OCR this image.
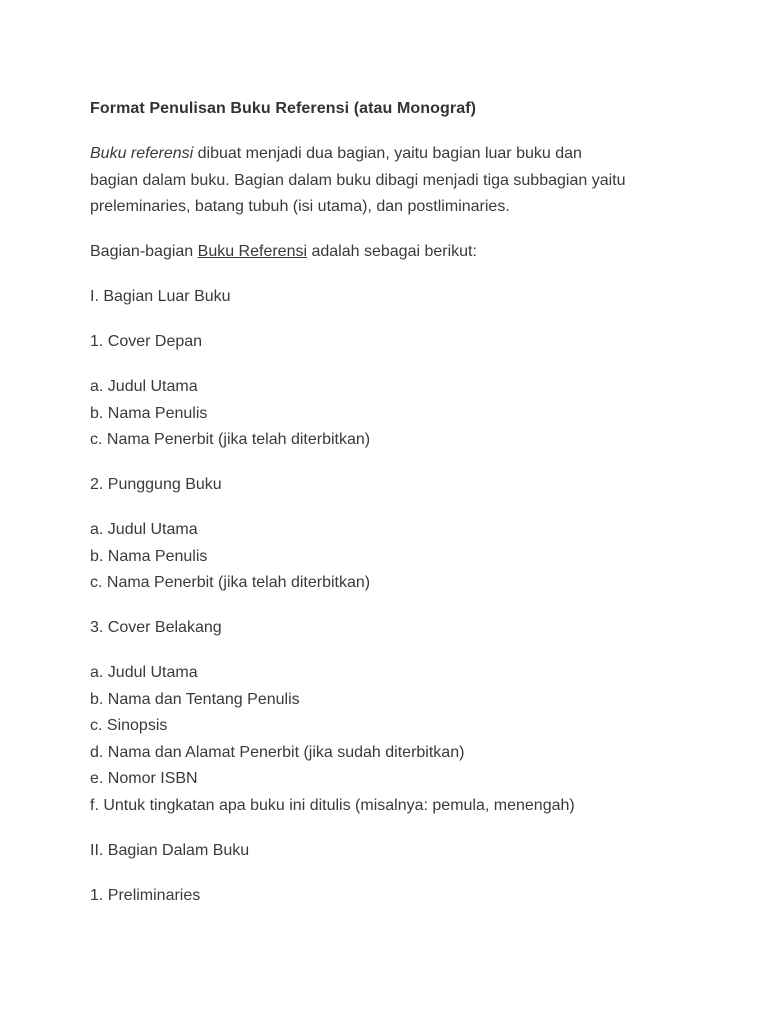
Format Penulisan Buku Referensi (atau Monograf)

Buku referensi dibuat menjadi dua bagian, yaitu bagian luar buku dan

bagian dalam buku. Bagian dalam buku dibagi menjadi tiga subbagian yaitu

preleminaries, batang tubuh (isi utama), dan postliminaries.

Bagian-bagian Buku Referensi adalah sebagai berikut:

I. Bagian Luar Buku

1. Cover Depan

a. Judul Utama

b. Nama Penulis

c. Nama Penerbit (jika telah diterbitkan)

2. Punggung Buku

a. Judul Utama

b. Nama Penulis

c. Nama Penerbit (jika telah diterbitkan)

3. Cover Belakang

a. Judul Utama

b. Nama dan Tentang Penulis

c. Sinopsis

d. Nama dan Alamat Penerbit (jika sudah diterbitkan)

e. Nomor ISBN

f. Untuk tingkatan apa buku ini ditulis (misalnya: pemula, menengah)

II. Bagian Dalam Buku

1. Preliminaries
